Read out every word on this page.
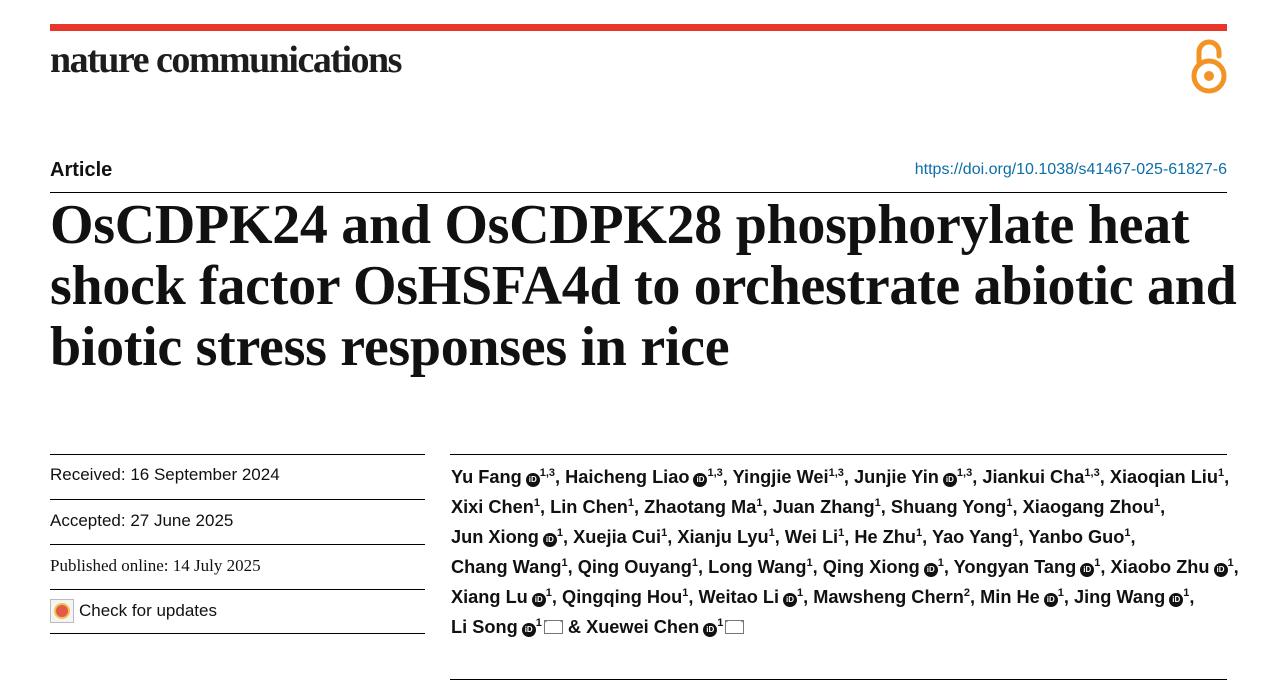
nature communications
Article	https://doi.org/10.1038/s41467-025-61827-6
OsCDPK24 and OsCDPK28 phosphorylate heat shock factor OsHSFA4d to orchestrate abiotic and biotic stress responses in rice
Received: 16 September 2024
Accepted: 27 June 2025
Published online: 14 July 2025
Check for updates
Yu Fang iD$^{1,3}$, Haicheng Liao iD$^{1,3}$, Yingjie Wei$^{1,3}$, Junjie Yin iD$^{1,3}$, Jiankui Cha$^{1,3}$, Xiaoqian Liu$^1$, Xixi Chen$^1$, Lin Chen$^1$, Zhaotang Ma$^1$, Juan Zhang$^1$, Shuang Yong$^1$, Xiaogang Zhou$^1$, Jun Xiong $iD^1$, Xuejia Cui$^1$, Xianju Lyu$^1$, Wei Li$^1$, He Zhu$^1$, Yao Yang$^1$, Yanbo Guo$^1$, Chang Wang$^1$, Qing Ouyang$^1$, Long Wang$^1$, Qing Xiong $iD^1$, Yongyan Tang $iD^1$, Xiaobo Zhu $iD^1$, Xiang Lu $iD^1$, Qingqing Hou$^1$, Weitao Li $iD^1$, Mawsheng Chern$^2$, Min He $iD^1$, Jing Wang $iD^1$, Li Song $iD^1$ & Xuewei Chen $iD^1$
